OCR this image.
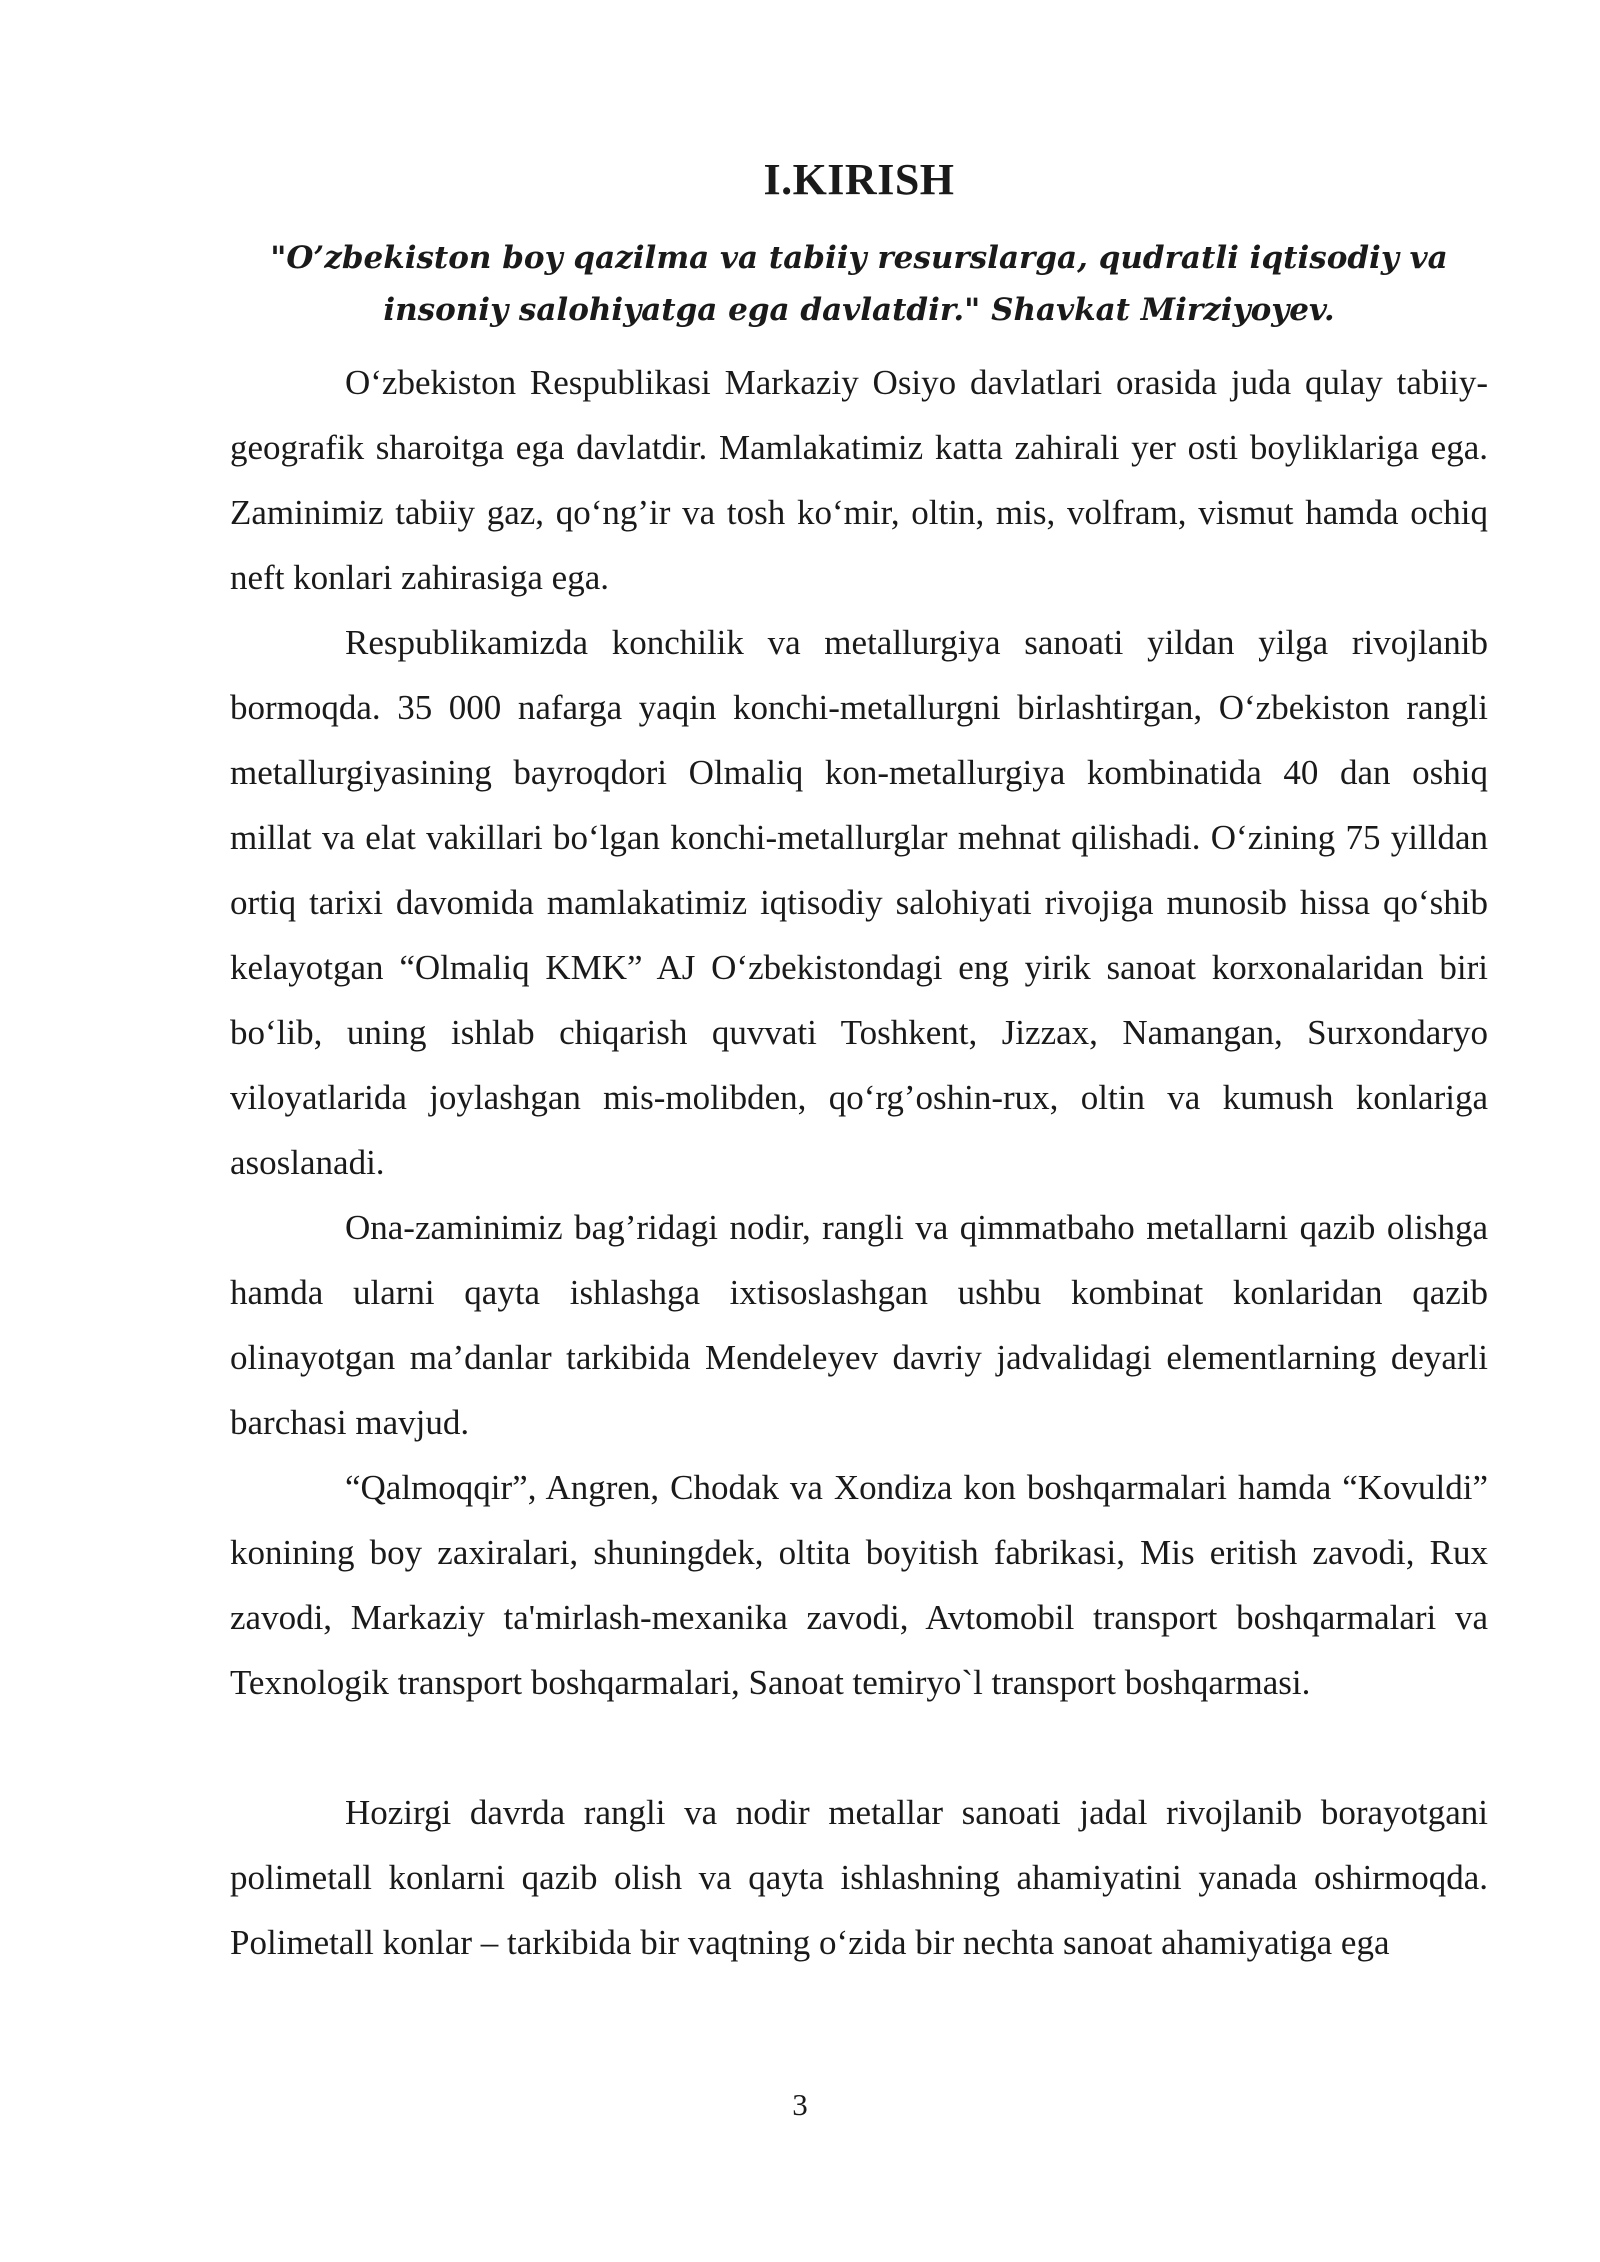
I.KIRISH
"O’zbekiston boy qazilma va tabiiy resurslarga, qudratli iqtisodiy va
insoniy salohiyatga ega davlatdir." Shavkat Mirziyoyev.

O‘zbekiston Respublikasi Markaziy Osiyo davlatlari orasida juda qulay tabiiy-geografik sharoitga ega davlatdir. Mamlakatimiz katta zahirali yer osti boyliklariga ega. Zaminimiz tabiiy gaz, qo‘ng’ir va tosh ko‘mir, oltin, mis, volfram, vismut hamda ochiq neft konlari zahirasiga ega.

Respublikamizda konchilik va metallurgiya sanoati yildan yilga rivojlanib bormoqda. 35 000 nafarga yaqin konchi-metallurgni birlashtirgan, O‘zbekiston rangli metallurgiyasining bayroqdori Olmaliq kon-metallurgiya kombinatida 40 dan oshiq millat va elat vakillari bo‘lgan konchi-metallurglar mehnat qilishadi. O‘zining 75 yilldan ortiq tarixi davomida mamlakatimiz iqtisodiy salohiyati rivojiga munosib hissa qo‘shib kelayotgan “Olmaliq KMK” AJ O‘zbekistondagi eng yirik sanoat korxonalaridan biri bo‘lib, uning ishlab chiqarish quvvati Toshkent, Jizzax, Namangan, Surxondaryo viloyatlarida joylashgan mis-molibden, qo‘rg’oshin-rux, oltin va kumush konlariga asoslanadi.

Ona-zaminimiz bag’ridagi nodir, rangli va qimmatbaho metallarni qazib olishga hamda ularni qayta ishlashga ixtisoslashgan ushbu kombinat konlaridan qazib olinayotgan ma’danlar tarkibida Mendeleyev davriy jadvalidagi elementlarning deyarli barchasi mavjud.

“Qalmoqqir”, Angren, Chodak va Xondiza kon boshqarmalari hamda “Kovuldi” konining boy zaxiralari, shuningdek, oltita boyitish fabrikasi, Mis eritish zavodi, Rux zavodi, Markaziy ta'mirlash-mexanika zavodi, Avtomobil transport boshqarmalari va Texnologik transport boshqarmalari, Sanoat temiryo`l transport boshqarmasi.

Hozirgi davrda rangli va nodir metallar sanoati jadal rivojlanib borayotgani polimetall konlarni qazib olish va qayta ishlashning ahamiyatini yanada oshirmoqda. Polimetall konlar – tarkibida bir vaqtning o‘zida bir nechta sanoat ahamiyatiga ega

3
